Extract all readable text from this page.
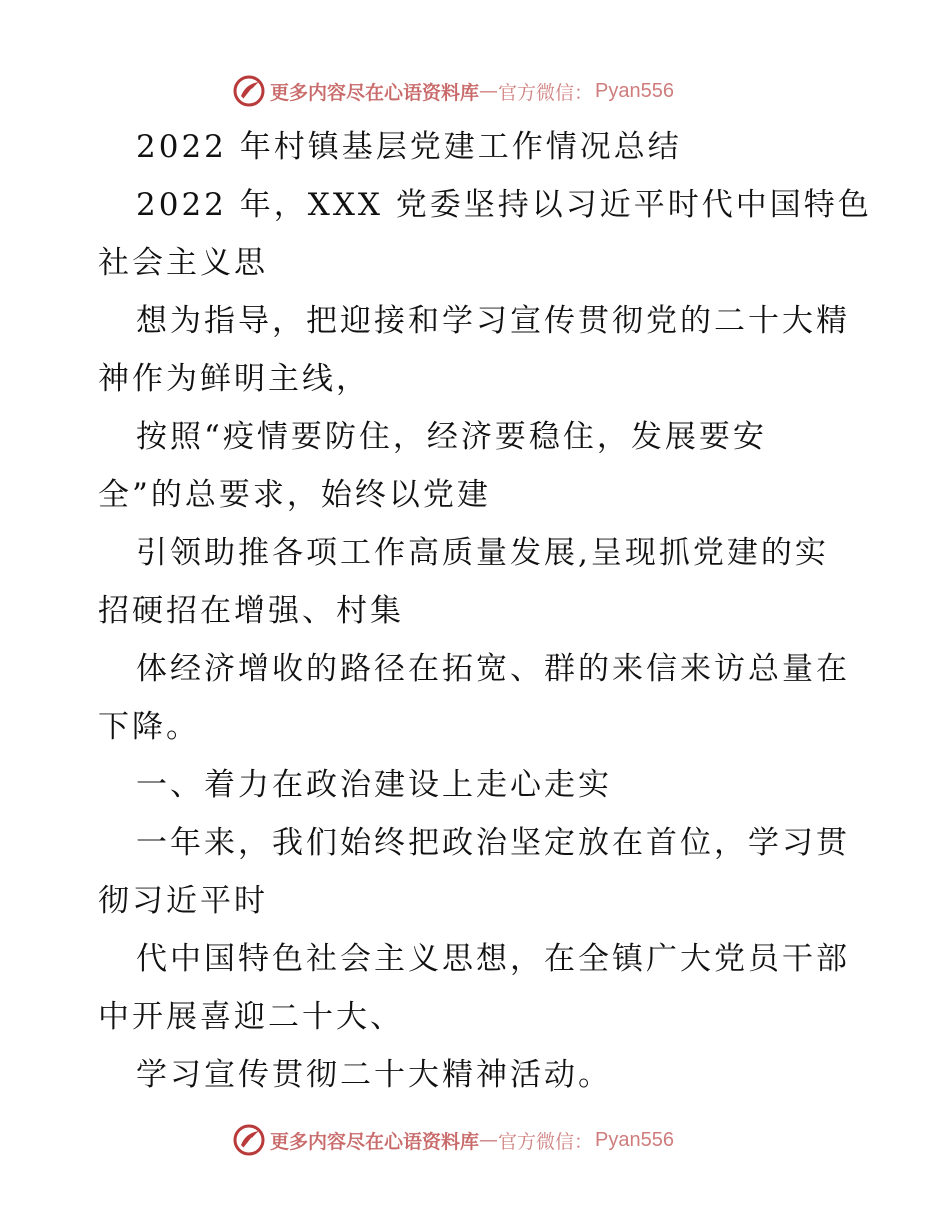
更多内容尽在心语资料库 — 官方微信： Pyan556
2022 年村镇基层党建工作情况总结
2022 年，XXX 党委坚持以习近平时代中国特色
社会主义思
想为指导，把迎接和学习宣传贯彻党的二十大精
神作为鲜明主线，
按照“疫情要防住，经济要稳住，发展要安
全”的总要求，始终以党建
引领助推各项工作高质量发展,呈现抓党建的实
招硬招在增强、村集
体经济增收的路径在拓宽、群的来信来访总量在
下降。
一、着力在政治建设上走心走实
一年来，我们始终把政治坚定放在首位，学习贯
彻习近平时
代中国特色社会主义思想，在全镇广大党员干部
中开展喜迎二十大、
学习宣传贯彻二十大精神活动。
更多内容尽在心语资料库 — 官方微信： Pyan556
